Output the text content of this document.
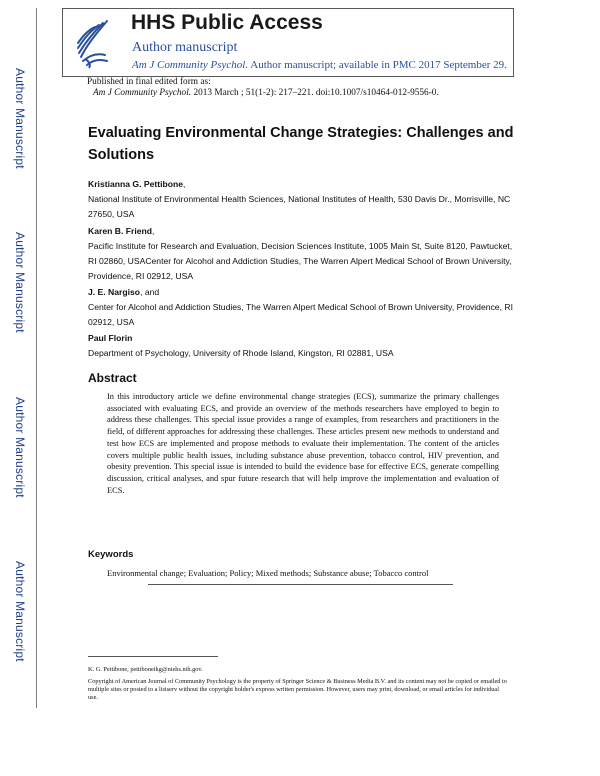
Author Manuscript
Author Manuscript
Author Manuscript
Author Manuscript
HHS Public Access
Author manuscript
Am J Community Psychol. Author manuscript; available in PMC 2017 September 29.
Published in final edited form as:
Am J Community Psychol. 2013 March ; 51(1-2): 217–221. doi:10.1007/s10464-012-9556-0.
Evaluating Environmental Change Strategies: Challenges and Solutions
Kristianna G. Pettibone,
National Institute of Environmental Health Sciences, National Institutes of Health, 530 Davis Dr., Morrisville, NC 27650, USA
Karen B. Friend,
Pacific Institute for Research and Evaluation, Decision Sciences Institute, 1005 Main St, Suite 8120, Pawtucket, RI 02860, USACenter for Alcohol and Addiction Studies, The Warren Alpert Medical School of Brown University, Providence, RI 02912, USA
J. E. Nargiso, and
Center for Alcohol and Addiction Studies, The Warren Alpert Medical School of Brown University, Providence, RI 02912, USA
Paul Florin
Department of Psychology, University of Rhode Island, Kingston, RI 02881, USA
Abstract
In this introductory article we define environmental change strategies (ECS), summarize the primary challenges associated with evaluating ECS, and provide an overview of the methods researchers have employed to begin to address these challenges. This special issue provides a range of examples, from researchers and practitioners in the field, of different approaches for addressing these challenges. These articles present new methods to understand and test how ECS are implemented and propose methods to evaluate their implementation. The content of the articles covers multiple public health issues, including substance abuse prevention, tobacco control, HIV prevention, and obesity prevention. This special issue is intended to build the evidence base for effective ECS, generate compelling discussion, critical analyses, and spur future research that will help improve the implementation and evaluation of ECS.
Keywords
Environmental change; Evaluation; Policy; Mixed methods; Substance abuse; Tobacco control
K. G. Pettibone, pettiboneikg@niehs.nih.gov.
Copyright of American Journal of Community Psychology is the property of Springer Science & Business Media B.V. and its content may not be copied or emailed to multiple sites or posted to a listserv without the copyright holder's express written permission. However, users may print, download, or email articles for individual use.
